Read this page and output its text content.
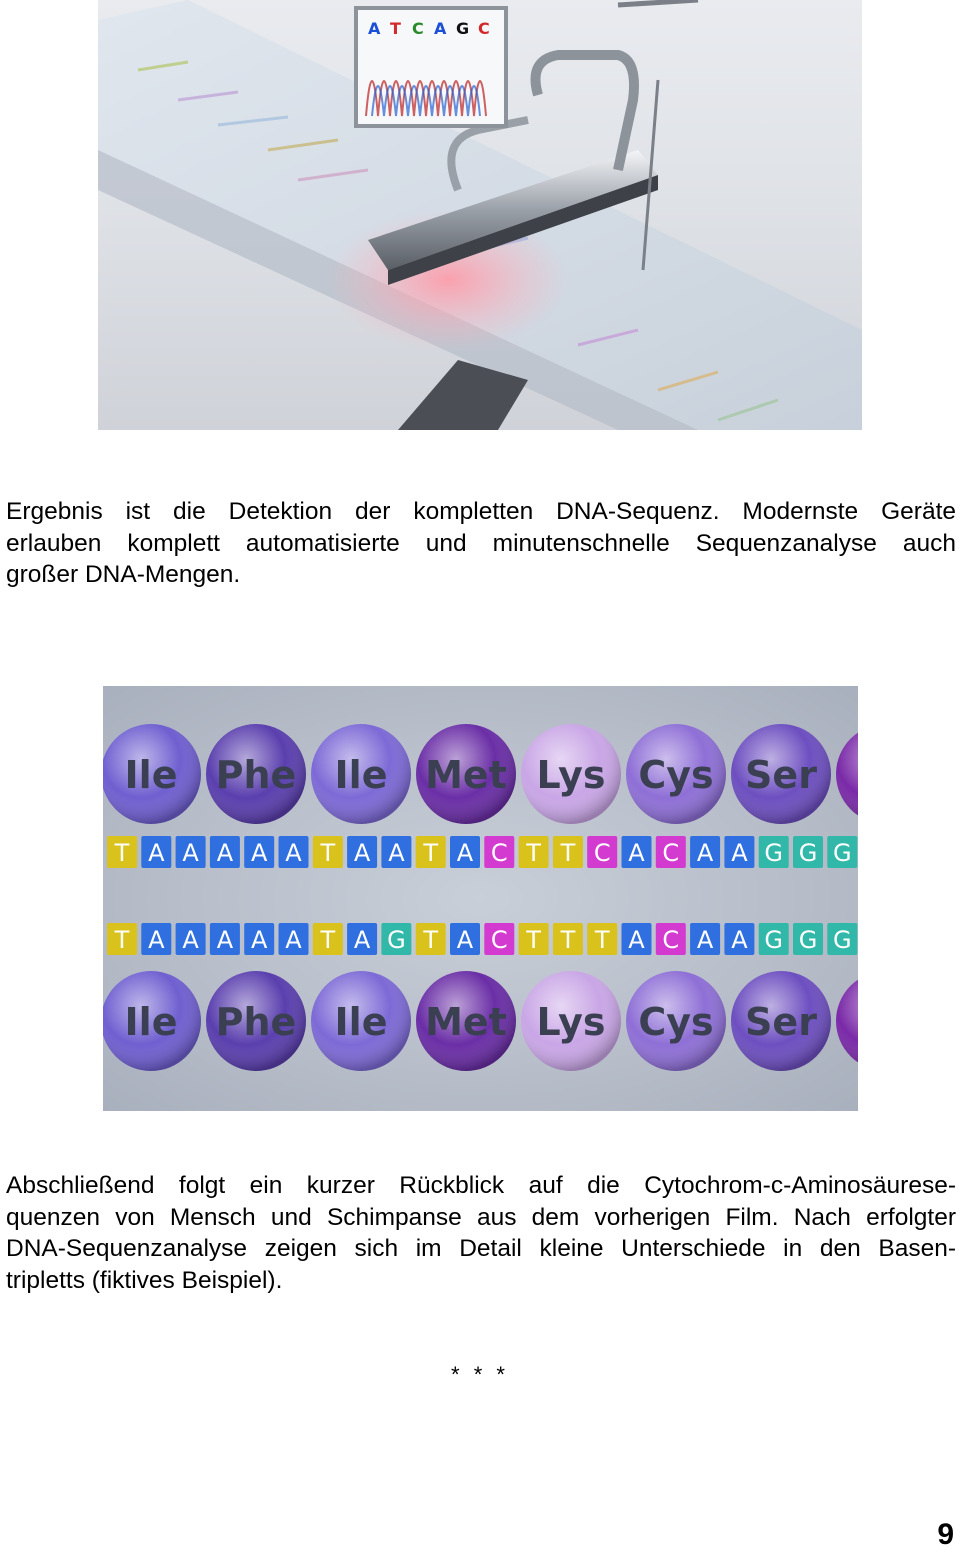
A T C A G C
Ergebnis ist die Detektion der kompletten DNA-Sequenz. Modernste Geräte
erlauben komplett automatisierte und minutenschnelle Sequenzanalyse auch
großer DNA-Mengen.
Ile Phe Ile Met Lys Cys Ser
T A A A A A T A A T A C T T C A C A A G G G
T A A A A A T A G T A C T T T A C A A G G G
Ile Phe Ile Met Lys Cys Ser
Abschließend folgt ein kurzer Rückblick auf die Cytochrom-c-Aminosäurese-
quenzen von Mensch und Schimpanse aus dem vorherigen Film. Nach erfolgter
DNA-Sequenzanalyse zeigen sich im Detail kleine Unterschiede in den Basen-
tripletts (fiktives Beispiel).
* * *
9
